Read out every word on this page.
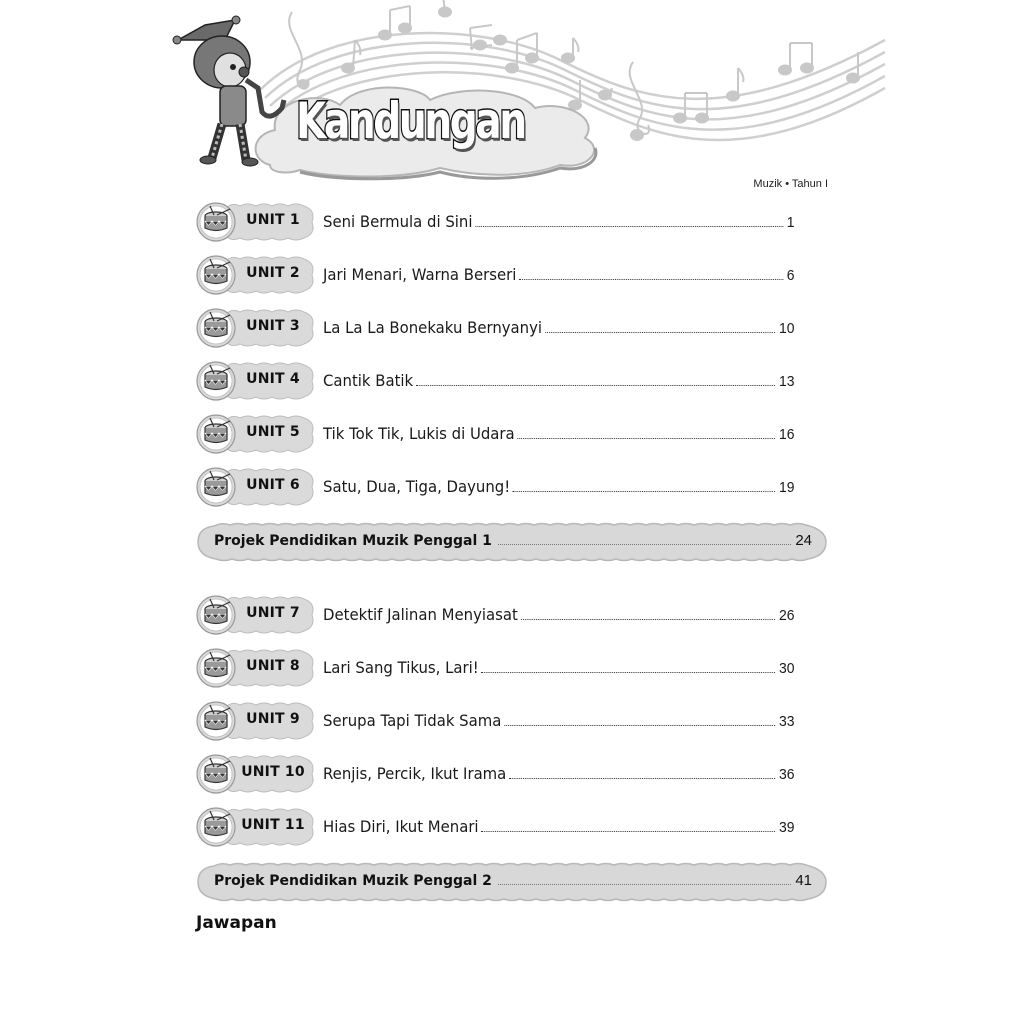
Kandungan
Muzik • Tahun I
UNIT 1	Seni Bermula di Sini	1
UNIT 2	Jari Menari, Warna Berseri	6
UNIT 3	La La La Bonekaku Bernyanyi	10
UNIT 4	Cantik Batik	13
UNIT 5	Tik Tok Tik, Lukis di Udara	16
UNIT 6	Satu, Dua, Tiga, Dayung!	19
Projek Pendidikan Muzik Penggal 1	24
UNIT 7	Detektif Jalinan Menyiasat	26
UNIT 8	Lari Sang Tikus, Lari!	30
UNIT 9	Serupa Tapi Tidak Sama	33
UNIT 10	Renjis, Percik, Ikut Irama	36
UNIT 11	Hias Diri, Ikut Menari	39
Projek Pendidikan Muzik Penggal 2	41
Jawapan
